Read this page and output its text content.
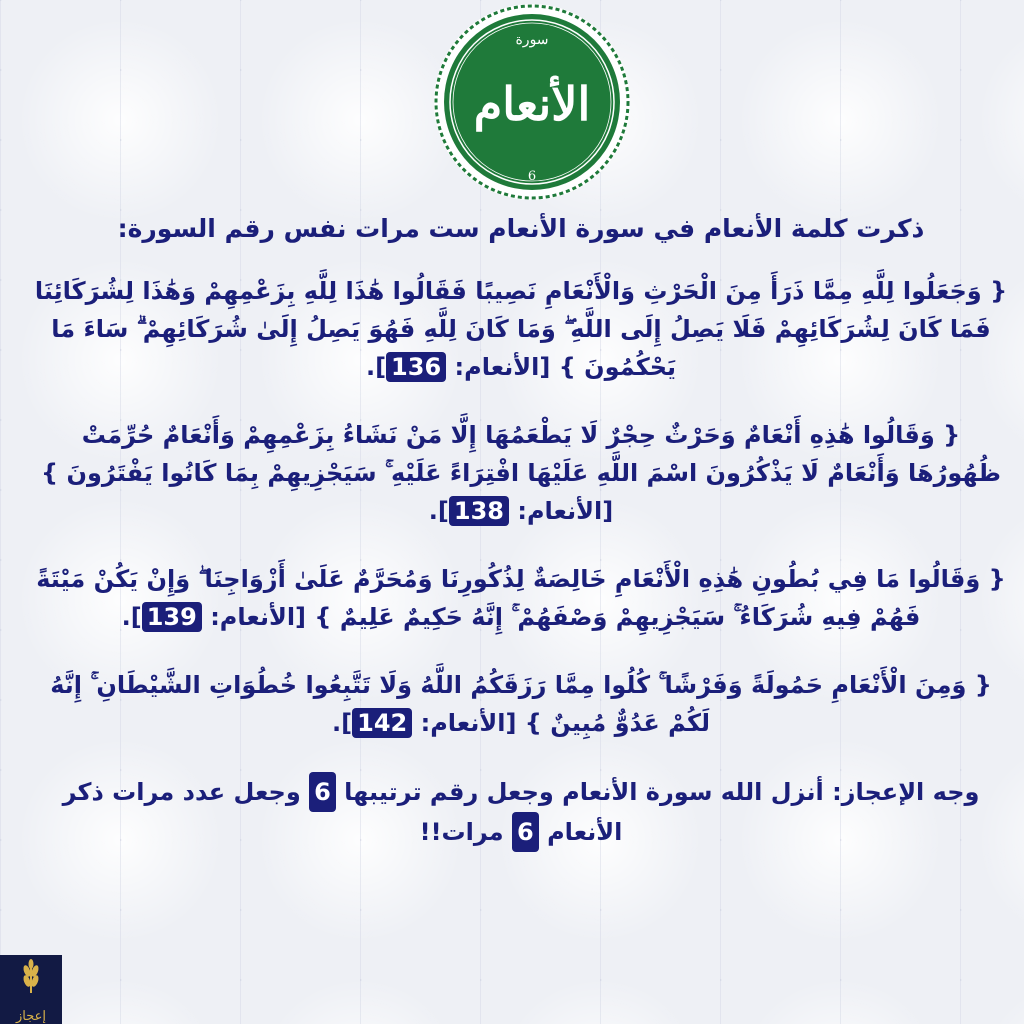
سورة
الأنعام
6

ذكرت كلمة الأنعام في سورة الأنعام ست مرات نفس رقم السورة:

{ وَجَعَلُوا لِلَّهِ مِمَّا ذَرَأَ مِنَ الْحَرْثِ وَالْأَنْعَامِ نَصِيبًا فَقَالُوا هَٰذَا لِلَّهِ بِزَعْمِهِمْ وَهَٰذَا لِشُرَكَائِنَا فَمَا كَانَ لِشُرَكَائِهِمْ فَلَا يَصِلُ إِلَى اللَّهِ ۖ وَمَا كَانَ لِلَّهِ فَهُوَ يَصِلُ إِلَىٰ شُرَكَائِهِمْ ۗ سَاءَ مَا يَحْكُمُونَ } [الأنعام: 136].

{ وَقَالُوا هَٰذِهِ أَنْعَامٌ وَحَرْثٌ حِجْرٌ لَا يَطْعَمُهَا إِلَّا مَنْ نَشَاءُ بِزَعْمِهِمْ وَأَنْعَامٌ حُرِّمَتْ ظُهُورُهَا وَأَنْعَامٌ لَا يَذْكُرُونَ اسْمَ اللَّهِ عَلَيْهَا افْتِرَاءً عَلَيْهِ ۚ سَيَجْزِيهِمْ بِمَا كَانُوا يَفْتَرُونَ } [الأنعام: 138].

{ وَقَالُوا مَا فِي بُطُونِ هَٰذِهِ الْأَنْعَامِ خَالِصَةٌ لِذُكُورِنَا وَمُحَرَّمٌ عَلَىٰ أَزْوَاجِنَا ۖ وَإِنْ يَكُنْ مَيْتَةً فَهُمْ فِيهِ شُرَكَاءُ ۚ سَيَجْزِيهِمْ وَصْفَهُمْ ۚ إِنَّهُ حَكِيمٌ عَلِيمٌ } [الأنعام: 139].

{ وَمِنَ الْأَنْعَامِ حَمُولَةً وَفَرْشًا ۚ كُلُوا مِمَّا رَزَقَكُمُ اللَّهُ وَلَا تَتَّبِعُوا خُطُوَاتِ الشَّيْطَانِ ۚ إِنَّهُ لَكُمْ عَدُوٌّ مُبِينٌ } [الأنعام: 142].

وجه الإعجاز: أنزل الله سورة الأنعام وجعل رقم ترتيبها 6 وجعل عدد مرات ذكر الأنعام 6 مرات!!

إعجاز
